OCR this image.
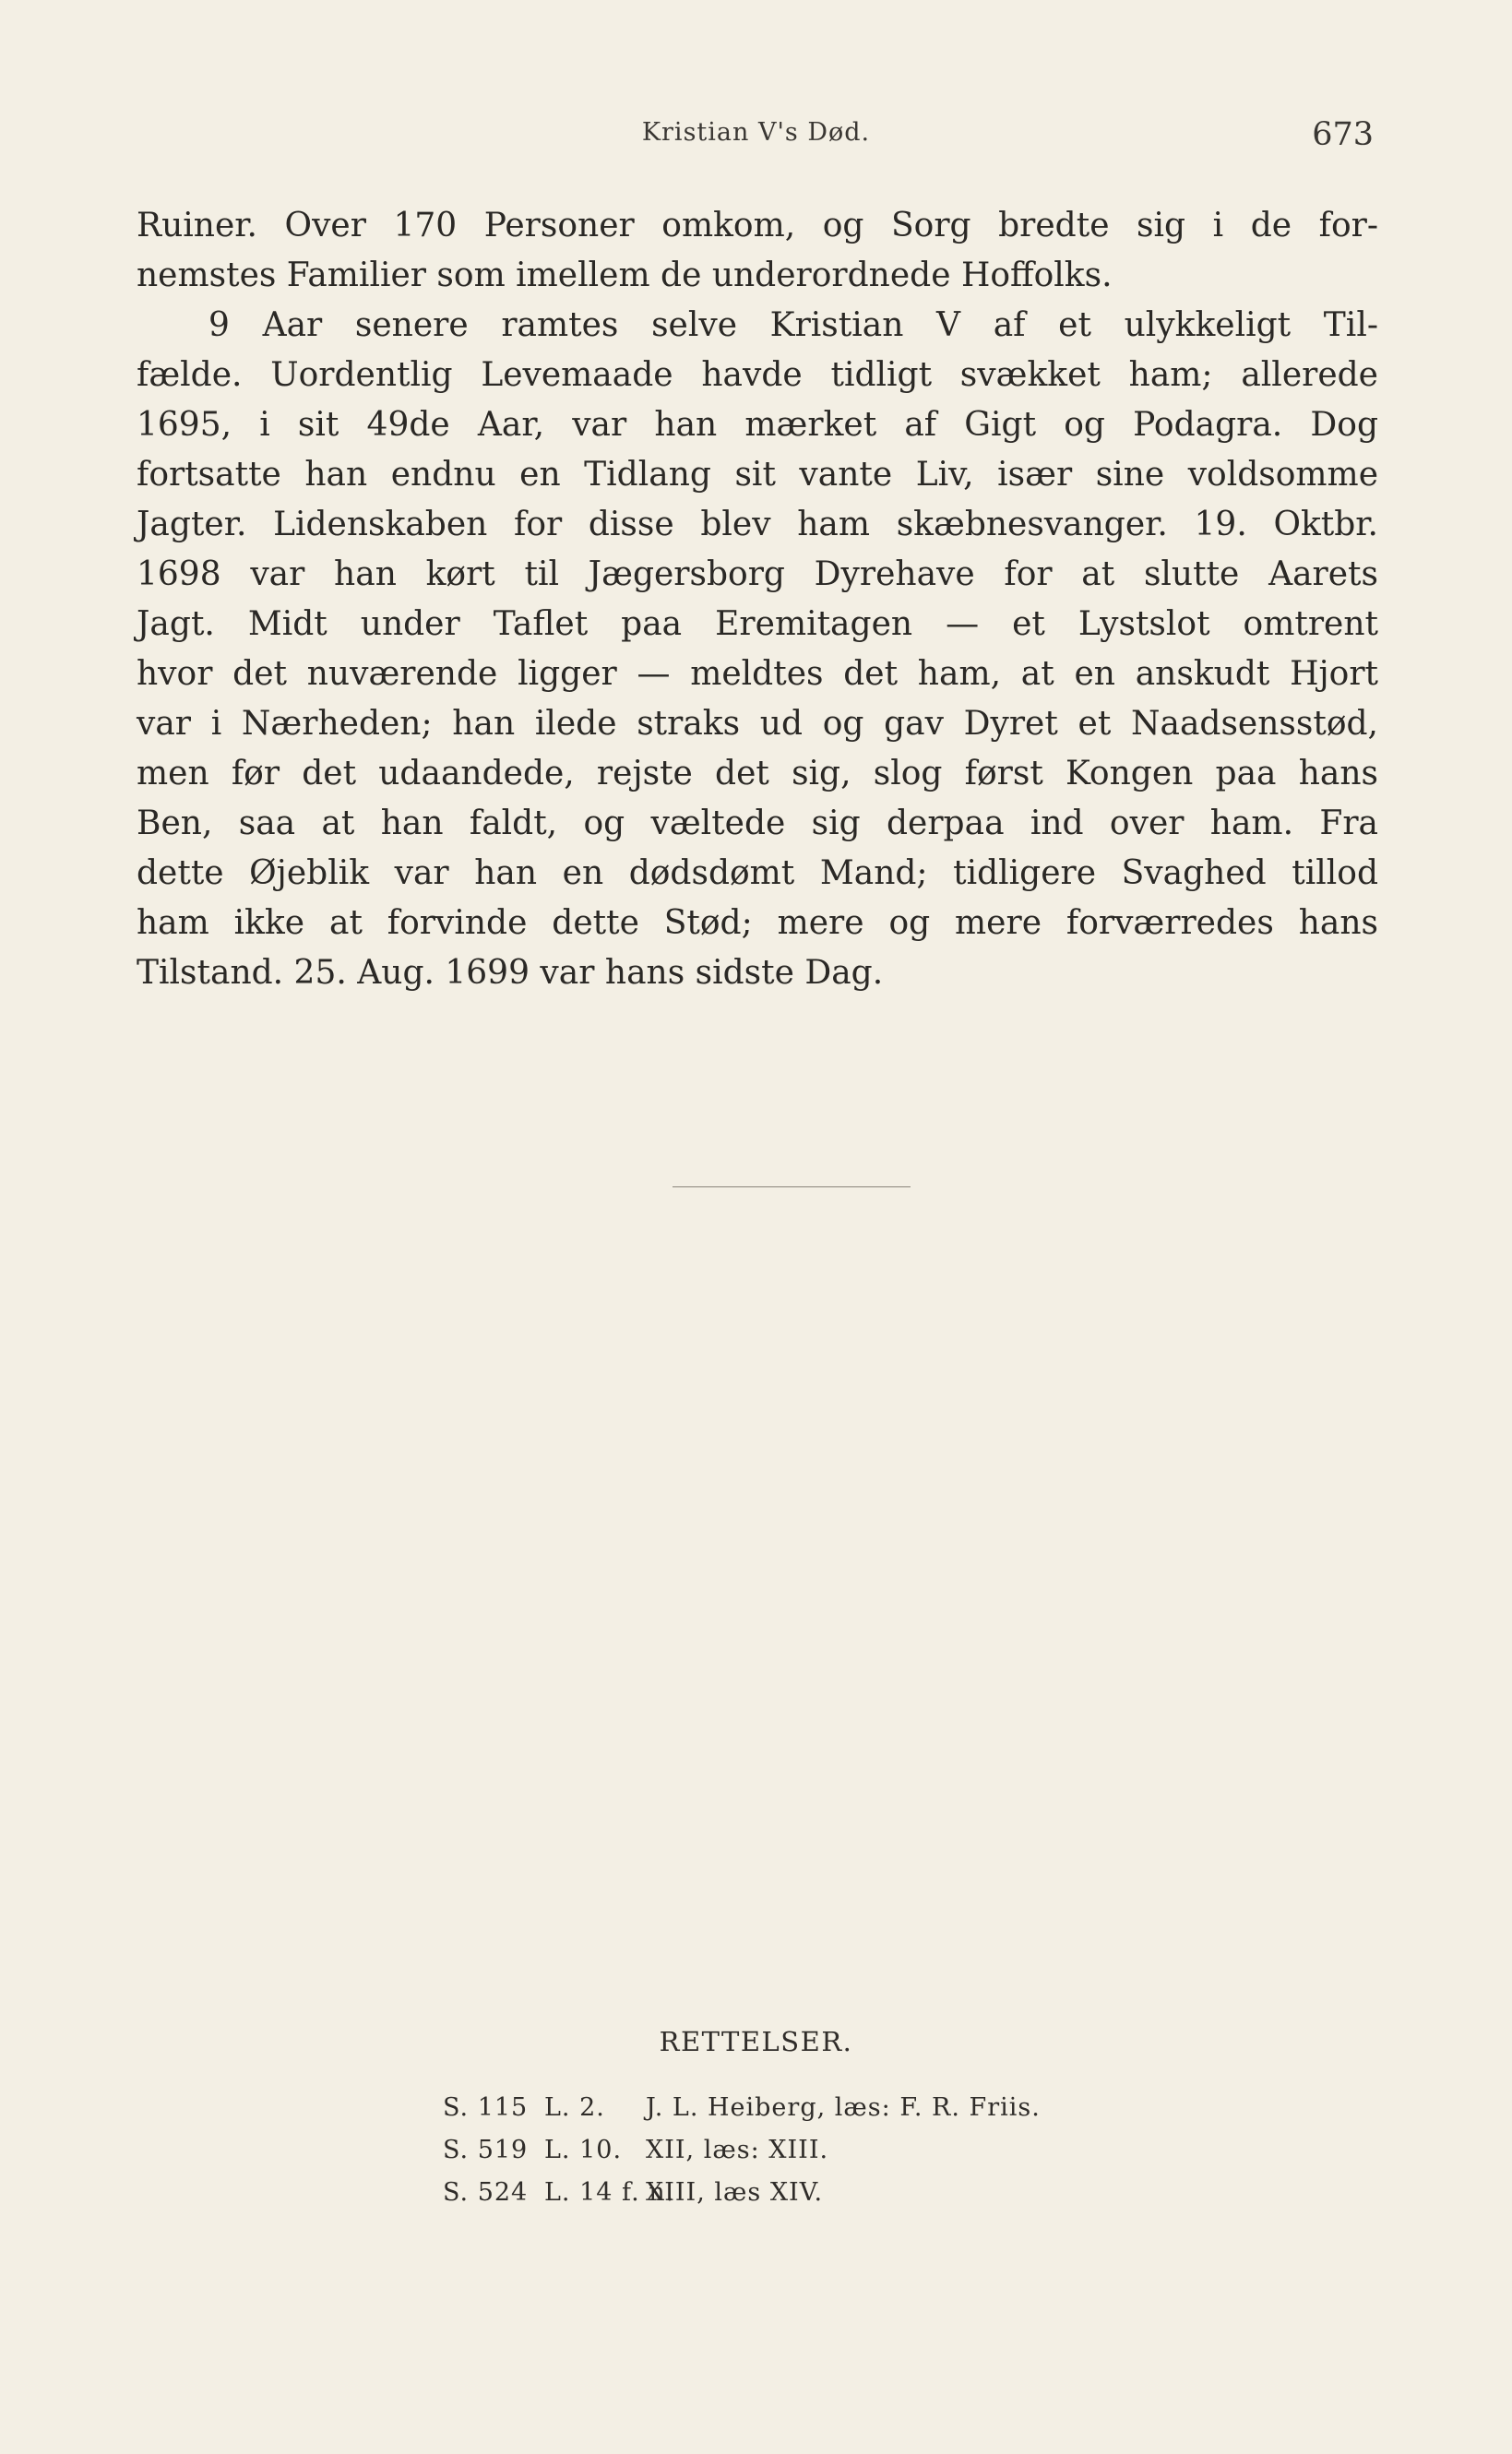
Kristian V's Død.	673
Ruiner. Over 170 Personer omkom, og Sorg bredte sig i de for-
nemstes Familier som imellem de underordnede Hoffolks.
9 Aar senere ramtes selve Kristian V af et ulykkeligt Til-
fælde. Uordentlig Levemaade havde tidligt svækket ham; allerede
1695, i sit 49de Aar, var han mærket af Gigt og Podagra. Dog
fortsatte han endnu en Tidlang sit vante Liv, især sine voldsomme
Jagter. Lidenskaben for disse blev ham skæbnesvanger. 19. Oktbr.
1698 var han kørt til Jægersborg Dyrehave for at slutte Aarets
Jagt. Midt under Taflet paa Eremitagen — et Lystslot omtrent
hvor det nuværende ligger — meldtes det ham, at en anskudt Hjort
var i Nærheden; han ilede straks ud og gav Dyret et Naadsensstød,
men før det udaandede, rejste det sig, slog først Kongen paa hans
Ben, saa at han faldt, og væltede sig derpaa ind over ham. Fra
dette Øjeblik var han en dødsdømt Mand; tidligere Svaghed tillod
ham ikke at forvinde dette Stød; mere og mere forværredes hans
Tilstand. 25. Aug. 1699 var hans sidste Dag.
RETTELSER.
S. 115 L. 2. J. L. Heiberg, læs: F. R. Friis.
S. 519 L. 10. XII, læs: XIII.
S. 524 L. 14 f. n.XIII, læs XIV.
